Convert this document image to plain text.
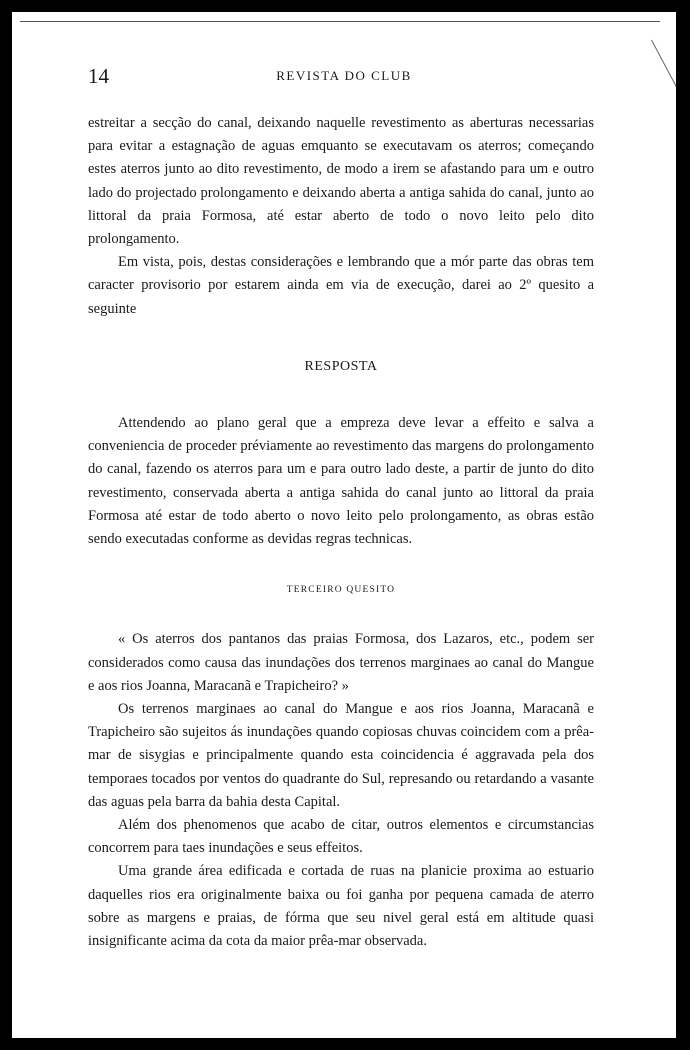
14	REVISTA DO CLUB

estreitar a secção do canal, deixando naquelle revestimento as aberturas necessarias para evitar a estagnação de aguas emquanto se executavam os aterros; começando estes aterros junto ao dito revestimento, de modo a irem se afastando para um e outro lado do projectado prolongamento e deixando aberta a antiga sahida do canal, junto ao littoral da praia Formosa, até estar aberto de todo o novo leito pelo dito prolongamento.

Em vista, pois, destas considerações e lembrando que a mór parte das obras tem caracter provisorio por estarem ainda em via de execução, darei ao 2º quesito a seguinte

RESPOSTA

Attendendo ao plano geral que a empreza deve levar a effeito e salva a conveniencia de proceder préviamente ao revestimento das margens do prolongamento do canal, fazendo os aterros para um e para outro lado deste, a partir de junto do dito revestimento, conservada aberta a antiga sahida do canal junto ao littoral da praia Formosa até estar de todo aberto o novo leito pelo prolongamento, as obras estão sendo executadas conforme as devidas regras technicas.

TERCEIRO QUESITO

« Os aterros dos pantanos das praias Formosa, dos Lazaros, etc., podem ser considerados como causa das inundações dos terrenos marginaes ao canal do Mangue e aos rios Joanna, Maracanã e Trapicheiro? »

Os terrenos marginaes ao canal do Mangue e aos rios Joanna, Maracanã e Trapicheiro são sujeitos ás inundações quando copiosas chuvas coincidem com a prêa-mar de sisygias e principalmente quando esta coincidencia é aggravada pela dos temporaes tocados por ventos do quadrante do Sul, represando ou retardando a vasante das aguas pela barra da bahia desta Capital.

Além dos phenomenos que acabo de citar, outros elementos e circumstancias concorrem para taes inundações e seus effeitos.

Uma grande área edificada e cortada de ruas na planicie proxima ao estuario daquelles rios era originalmente baixa ou foi ganha por pequena camada de aterro sobre as margens e praias, de fórma que seu nivel geral está em altitude quasi insignificante acima da cota da maior prêa-mar observada.
